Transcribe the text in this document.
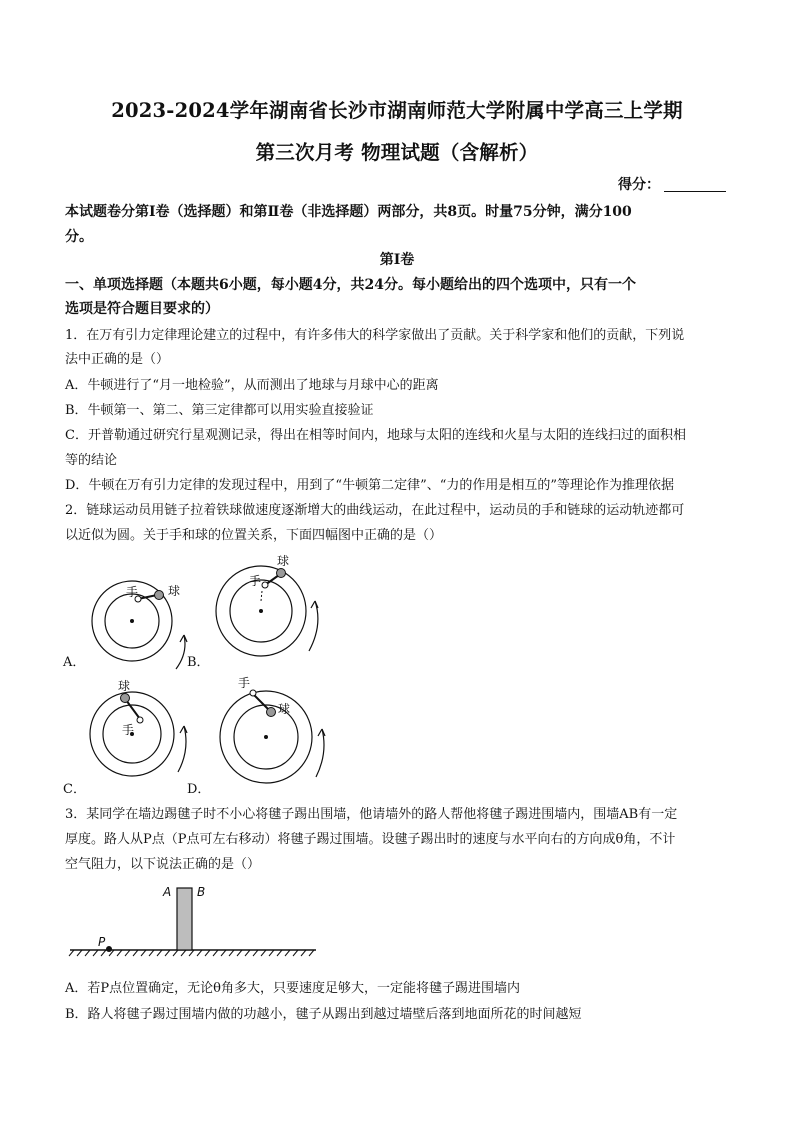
2023-2024学年湖南省长沙市湖南师范大学附属中学高三上学期
第三次月考 物理试题（含解析）
得分：
本试题卷分第Ⅰ卷（选择题）和第Ⅱ卷（非选择题）两部分，共8页。时量75分钟，满分100
分。
第Ⅰ卷
一、单项选择题（本题共6小题，每小题4分，共24分。每小题给出的四个选项中，只有一个
选项是符合题目要求的）
1．在万有引力定律理论建立的过程中，有许多伟大的科学家做出了贡献。关于科学家和他们的贡献，下列说
法中正确的是（）
A．牛顿进行了“月一地检验”，从而测出了地球与月球中心的距离
B．牛顿第一、第二、第三定律都可以用实验直接验证
C．开普勒通过研究行星观测记录，得出在相等时间内，地球与太阳的连线和火星与太阳的连线扫过的面积相
等的结论
D．牛顿在万有引力定律的发现过程中，用到了“牛顿第二定律”、“力的作用是相互的”等理论作为推理依据
2．链球运动员用链子拉着铁球做速度逐渐增大的曲线运动，在此过程中，运动员的手和链球的运动轨迹都可
以近似为圆。关于手和球的位置关系，下面四幅图中正确的是（）
手 球
A．
手
球
B．
球
手
C．
手
球
D．
3．某同学在墙边踢毽子时不小心将毽子踢出围墙，他请墙外的路人帮他将毽子踢进围墙内，围墙AB有一定
厚度。路人从P点（P点可左右移动）将毽子踢过围墙。设毽子踢出时的速度与水平向右的方向成θ角，不计
空气阻力，以下说法正确的是（）
A B
P
A．若P点位置确定，无论θ角多大，只要速度足够大，一定能将毽子踢进围墙内
B．路人将毽子踢过围墙内做的功越小，毽子从踢出到越过墙壁后落到地面所花的时间越短
